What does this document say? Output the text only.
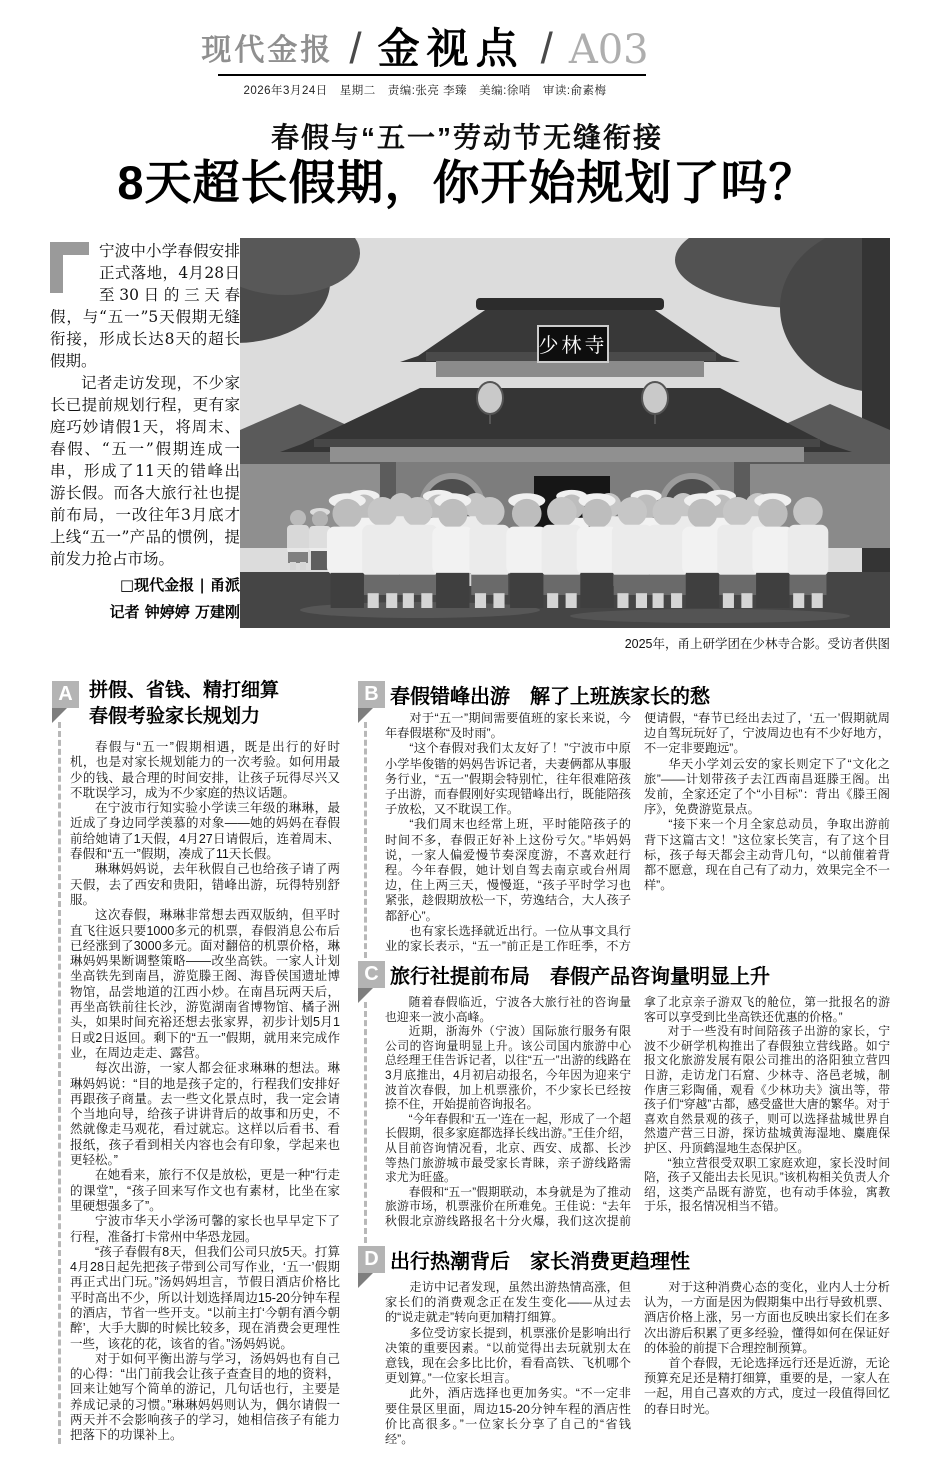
现代金报 / 金视点 / A03
2026年3月24日　星期二　责编:张亮 李臻　美编:徐哨　审读:俞素梅
春假与“五一”劳动节无缝衔接
8天超长假期，你开始规划了吗？

宁波中小学春假安排正式落地，4月28日至30日的三天春假，与“五一”5天假期无缝衔接，形成长达8天的超长假期。

记者走访发现，不少家长已提前规划行程，更有家庭巧妙请假1天，将周末、春假、“五一”假期连成一串，形成了11天的错峰出游长假。而各大旅行社也提前布局，一改往年3月底才上线“五一”产品的惯例，提前发力抢占市场。

□现代金报 | 甬派
记者 钟婷婷 万建刚
少林寺
2025年，甬上研学团在少林寺合影。受访者供图
A 拼假、省钱、精打细算
春假考验家长规划力

春假与“五一”假期相遇，既是出行的好时机，也是对家长规划能力的一次考验。如何用最少的钱、最合理的时间安排，让孩子玩得尽兴又不耽误学习，成为不少家庭的热议话题。

在宁波市行知实验小学读三年级的琳琳，最近成了身边同学羡慕的对象——她的妈妈在春假前给她请了1天假，4月27日请假后，连着周末、春假和“五一”假期，凑成了11天长假。

琳琳妈妈说，去年秋假自己也给孩子请了两天假，去了西安和贵阳，错峰出游，玩得特别舒服。

这次春假，琳琳非常想去西双版纳，但平时直飞往返只要1000多元的机票，春假消息公布后已经涨到了3000多元。面对翻倍的机票价格，琳琳妈妈果断调整策略——改坐高铁。一家人计划坐高铁先到南昌，游览滕王阁、海昏侯国遗址博物馆，品尝地道的江西小炒。在南昌玩两天后，再坐高铁前往长沙，游览湖南省博物馆、橘子洲头，如果时间充裕还想去张家界，初步计划5月1日或2日返回。剩下的“五一”假期，就用来完成作业，在周边走走、露营。

每次出游，一家人都会征求琳琳的想法。琳琳妈妈说：“目的地是孩子定的，行程我们安排好再跟孩子商量。去一些文化景点时，我一定会请个当地向导，给孩子讲讲背后的故事和历史，不然就像走马观花，看过就忘。这样以后看书、看报纸，孩子看到相关内容也会有印象，学起来也更轻松。”

在她看来，旅行不仅是放松，更是一种“行走的课堂”，“孩子回来写作文也有素材，比坐在家里硬想强多了”。

宁波市华天小学汤可馨的家长也早早定下了行程，准备打卡常州中华恐龙园。

“孩子春假有8天，但我们公司只放5天。打算4月28日起先把孩子带到公司写作业，‘五一’假期再正式出门玩。”汤妈妈坦言，节假日酒店价格比平时高出不少，所以计划选择周边15-20分钟车程的酒店，节省一些开支。“以前主打‘今朝有酒今朝醉’，大手大脚的时候比较多，现在消费会更理性一些，该花的花，该省的省。”汤妈妈说。

对于如何平衡出游与学习，汤妈妈也有自己的心得：“出门前我会让孩子查查目的地的资料，回来让她写个简单的游记，几句话也行，主要是养成记录的习惯。”琳琳妈妈则认为，偶尔请假一两天并不会影响孩子的学习，她相信孩子有能力把落下的功课补上。

B 春假错峰出游　解了上班族家长的愁

对于“五一”期间需要值班的家长来说，今年春假堪称“及时雨”。

“这个春假对我们太友好了！”宁波市中原小学毕俊锴的妈妈告诉记者，夫妻俩都从事服务行业，“五一”假期会特别忙，往年很难陪孩子出游，而春假刚好实现错峰出行，既能陪孩子放松，又不耽误工作。

“我们周末也经常上班，平时能陪孩子的时间不多，春假正好补上这份亏欠。”毕妈妈说，一家人偏爱慢节奏深度游，不喜欢赶行程。今年春假，她计划自驾去南京或台州周边，住上两三天，慢慢逛，“孩子平时学习也紧张，趁假期放松一下，劳逸结合，大人孩子都舒心”。

也有家长选择就近出行。一位从事文具行业的家长表示，“五一”前正是工作旺季，不方便请假，“春节已经出去过了，‘五一’假期就周边自驾玩玩好了，宁波周边也有不少好地方，不一定非要跑远”。

华天小学刘云安的家长则定下了“文化之旅”——计划带孩子去江西南昌逛滕王阁。出发前，全家还定了个“小目标”：背出《滕王阁序》，免费游览景点。

“接下来一个月全家总动员，争取出游前背下这篇古文！”这位家长笑言，有了这个目标，孩子每天都会主动背几句，“以前催着背都不愿意，现在自己有了动力，效果完全不一样”。

C 旅行社提前布局　春假产品咨询量明显上升

随着春假临近，宁波各大旅行社的咨询量也迎来一波小高峰。

近期，浙海外（宁波）国际旅行服务有限公司的咨询量明显上升。该公司国内旅游中心总经理王佳告诉记者，以往“五一”出游的线路在3月底推出，4月初启动报名，今年因为迎来宁波首次春假，加上机票涨价，不少家长已经按捺不住，开始提前咨询报名。

“今年春假和‘五一’连在一起，形成了一个超长假期，很多家庭都选择长线出游。”王佳介绍，从目前咨询情况看，北京、西安、成都、长沙等热门旅游城市最受家长青睐，亲子游线路需求尤为旺盛。

春假和“五一”假期联动，本身就是为了推动旅游市场，机票涨价在所难免。王佳说：“去年秋假北京游线路报名十分火爆，我们这次提前拿了北京亲子游双飞的舱位，第一批报名的游客可以享受到比坐高铁还优惠的价格。”

对于一些没有时间陪孩子出游的家长，宁波不少研学机构推出了春假独立营线路。如宁报文化旅游发展有限公司推出的洛阳独立营四日游，走访龙门石窟、少林寺、洛邑老城，制作唐三彩陶俑，观看《少林功夫》演出等，带孩子们“穿越”古都，感受盛世大唐的繁华。对于喜欢自然景观的孩子，则可以选择盐城世界自然遗产营三日游，探访盐城黄海湿地、麋鹿保护区、丹顶鹤湿地生态保护区。

“独立营很受双职工家庭欢迎，家长没时间陪，孩子又能出去长见识。”该机构相关负责人介绍，这类产品既有游览，也有动手体验，寓教于乐，报名情况相当不错。

D 出行热潮背后　家长消费更趋理性

走访中记者发现，虽然出游热情高涨，但家长们的消费观念正在发生变化——从过去的“说走就走”转向更加精打细算。

多位受访家长提到，机票涨价是影响出行决策的重要因素。“以前觉得出去玩就别太在意钱，现在会多比比价，看看高铁、飞机哪个更划算。”一位家长坦言。

此外，酒店选择也更加务实。“不一定非要住景区里面，周边15-20分钟车程的酒店性价比高很多。”一位家长分享了自己的“省钱经”。

对于这种消费心态的变化，业内人士分析认为，一方面是因为假期集中出行导致机票、酒店价格上涨，另一方面也反映出家长们在多次出游后积累了更多经验，懂得如何在保证好的体验的前提下合理控制预算。

首个春假，无论选择远行还是近游，无论预算充足还是精打细算，重要的是，一家人在一起，用自己喜欢的方式，度过一段值得回忆的春日时光。
